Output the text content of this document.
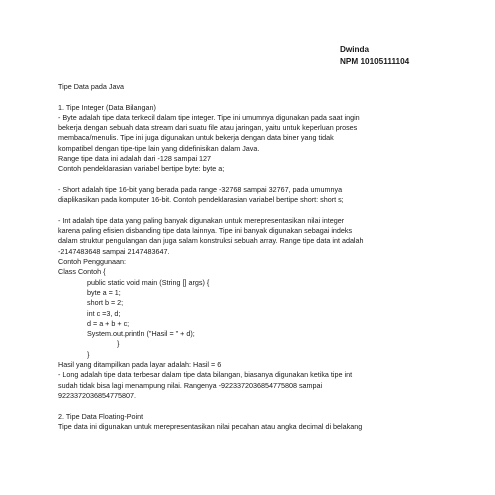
Dwinda
NPM 10105111104
Tipe Data pada Java
1. Tipe Integer (Data Bilangan)
- Byte adalah tipe data terkecil dalam tipe integer. Tipe ini umumnya digunakan pada saat ingin
bekerja dengan sebuah data stream dari suatu file atau jaringan, yaitu untuk keperluan proses
membaca/menulis. Tipe ini juga digunakan untuk bekerja dengan data biner yang tidak
kompatibel dengan tipe-tipe lain yang didefinisikan dalam Java.
Range tipe data ini adalah dari -128 sampai 127
Contoh pendeklarasian variabel bertipe byte: byte a;
- Short adalah tipe 16-bit yang berada pada range -32768 sampai 32767, pada umumnya
diaplikasikan pada komputer 16-bit. Contoh pendeklarasian variabel bertipe short: short s;
- Int adalah tipe data yang paling banyak digunakan untuk merepresentasikan nilai integer
karena paling efisien disbanding tipe data lainnya. Tipe ini banyak digunakan sebagai indeks
dalam struktur pengulangan dan juga salam konstruksi sebuah array. Range tipe data int adalah
-2147483648 sampai 2147483647.
Contoh Penggunaan:
Class Contoh {
public static void main (String [] args) {
byte a = 1;
short b = 2;
int c =3, d;
d = a + b + c;
System.out.println ("Hasil = " + d);
}
}
Hasil yang ditampilkan pada layar adalah: Hasil = 6
- Long adalah tipe data terbesar dalam tipe data bilangan, biasanya digunakan ketika tipe int
sudah tidak bisa lagi menampung nilai. Rangenya -9223372036854775808 sampai
9223372036854775807.
2. Tipe Data Floating-Point
Tipe data ini digunakan untuk merepresentasikan nilai pecahan atau angka decimal di belakang
